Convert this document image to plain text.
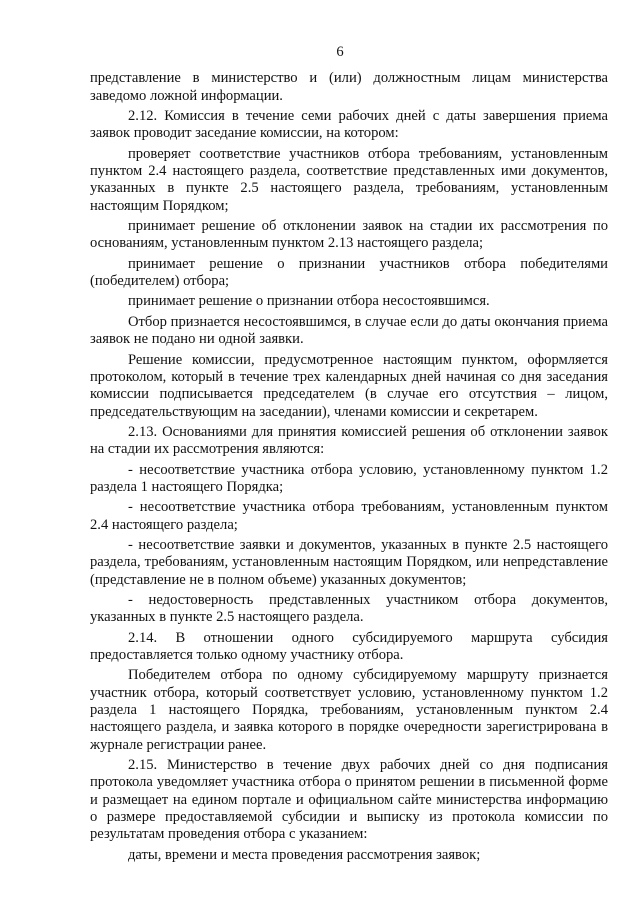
6

представление в министерство и (или) должностным лицам министерства заведомо ложной информации.

2.12. Комиссия в течение семи рабочих дней с даты завершения приема заявок проводит заседание комиссии, на котором:

проверяет соответствие участников отбора требованиям, установленным пунктом 2.4 настоящего раздела, соответствие представленных ими документов, указанных в пункте 2.5 настоящего раздела, требованиям, установленным настоящим Порядком;

принимает решение об отклонении заявок на стадии их рассмотрения по основаниям, установленным пунктом 2.13 настоящего раздела;

принимает решение о признании участников отбора победителями (победителем) отбора;

принимает решение о признании отбора несостоявшимся.

Отбор признается несостоявшимся, в случае если до даты окончания приема заявок не подано ни одной заявки.

Решение комиссии, предусмотренное настоящим пунктом, оформляется протоколом, который в течение трех календарных дней начиная со дня заседания комиссии подписывается председателем (в случае его отсутствия – лицом, председательствующим на заседании), членами комиссии и секретарем.

2.13. Основаниями для принятия комиссией решения об отклонении заявок на стадии их рассмотрения являются:

- несоответствие участника отбора условию, установленному пунктом 1.2 раздела 1 настоящего Порядка;

- несоответствие участника отбора требованиям, установленным пунктом 2.4 настоящего раздела;

- несоответствие заявки и документов, указанных в пункте 2.5 настоящего раздела, требованиям, установленным настоящим Порядком, или непредставление (представление не в полном объеме) указанных документов;

- недостоверность представленных участником отбора документов, указанных в пункте 2.5 настоящего раздела.

2.14. В отношении одного субсидируемого маршрута субсидия предоставляется только одному участнику отбора.

Победителем отбора по одному субсидируемому маршруту признается участник отбора, который соответствует условию, установленному пунктом 1.2 раздела 1 настоящего Порядка, требованиям, установленным пунктом 2.4 настоящего раздела, и заявка которого в порядке очередности зарегистрирована в журнале регистрации ранее.

2.15. Министерство в течение двух рабочих дней со дня подписания протокола уведомляет участника отбора о принятом решении в письменной форме и размещает на едином портале и официальном сайте министерства информацию о размере предоставляемой субсидии и выписку из протокола комиссии по результатам проведения отбора с указанием:

даты, времени и места проведения рассмотрения заявок;
